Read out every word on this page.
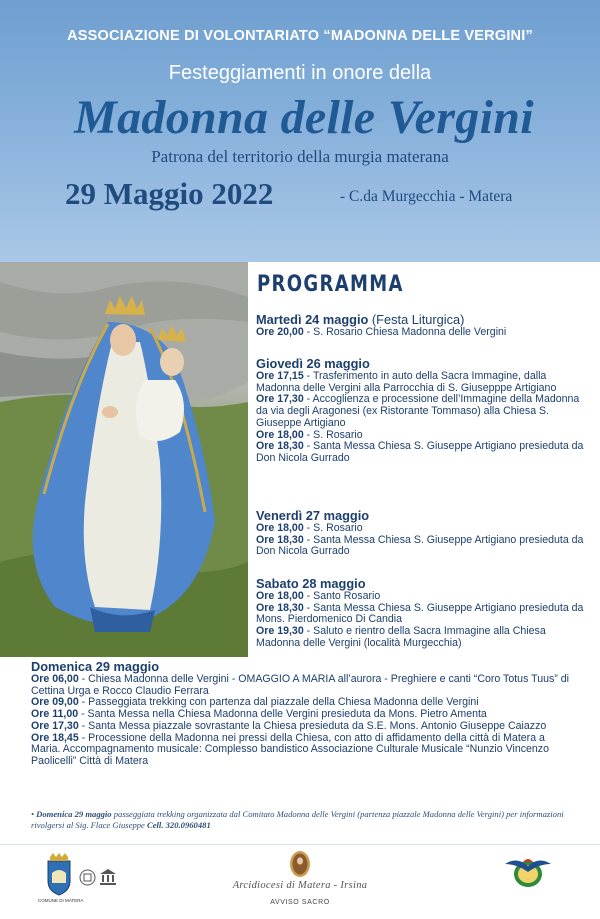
ASSOCIAZIONE DI VOLONTARIATO “MADONNA DELLE VERGINI”
Festeggiamenti in onore della
Madonna delle Vergini
Patrona del territorio della murgia materana
29 Maggio 2022	- C.da Murgecchia - Matera
PROGRAMMA
Martedì 24 maggio (Festa Liturgica)
Ore 20,00 - S. Rosario Chiesa Madonna delle Vergini
Giovedì 26 maggio
Ore 17,15 - Trasferimento in auto della Sacra Immagine, dalla Madonna delle Vergini alla Parrocchia di S. Giusepppe Artigiano
Ore 17,30 - Accoglienza e processione dell’Immagine della Madonna da via degli Aragonesi (ex Ristorante Tommaso) alla Chiesa S. Giuseppe Artigiano
Ore 18,00 - S. Rosario
Ore 18,30 - Santa Messa Chiesa S. Giuseppe Artigiano presieduta da Don Nicola Gurrado
Venerdì 27 maggio
Ore 18,00 - S. Rosario
Ore 18,30 - Santa Messa Chiesa S. Giuseppe Artigiano presieduta da Don Nicola Gurrado
Sabato 28 maggio
Ore 18,00 - Santo Rosario
Ore 18,30 - Santa Messa Chiesa S. Giuseppe Artigiano presieduta da Mons. Pierdomenico Di Candia
Ore 19,30 - Saluto e rientro della Sacra Immagine alla Chiesa Madonna delle Vergini (località Murgecchia)
Domenica 29 maggio
Ore 06,00 - Chiesa Madonna delle Vergini - OMAGGIO A MARIA all’aurora - Preghiere e canti “Coro Totus Tuus” di Cettina Urga e Rocco Claudio Ferrara
Ore 09,00 - Passeggiata trekking con partenza dal piazzale della Chiesa Madonna delle Vergini
Ore 11,00 - Santa Messa nella Chiesa Madonna delle Vergini presieduta da Mons. Pietro Amenta
Ore 17,30 - Santa Messa piazzale sovrastante la Chiesa presieduta da S.E. Mons. Antonio Giuseppe Caiazzo
Ore 18,45 - Processione della Madonna nei pressi della Chiesa, con atto di affidamento della città di Matera a Maria. Accompagnamento musicale: Complesso bandistico Associazione Culturale Musicale “Nunzio Vincenzo Paolicelli” Città di Matera
• Domenica 29 maggio passeggiata trekking organizzata dal Comitato Madonna delle Vergini (partenza piazzale Madonna delle Vergini) per informazioni rivolgersi al Sig. Flace Giuseppe Cell. 320.0960481
COMUNE DI MATERA
Arcidiocesi di Matera - Irsina
AVVISO SACRO
